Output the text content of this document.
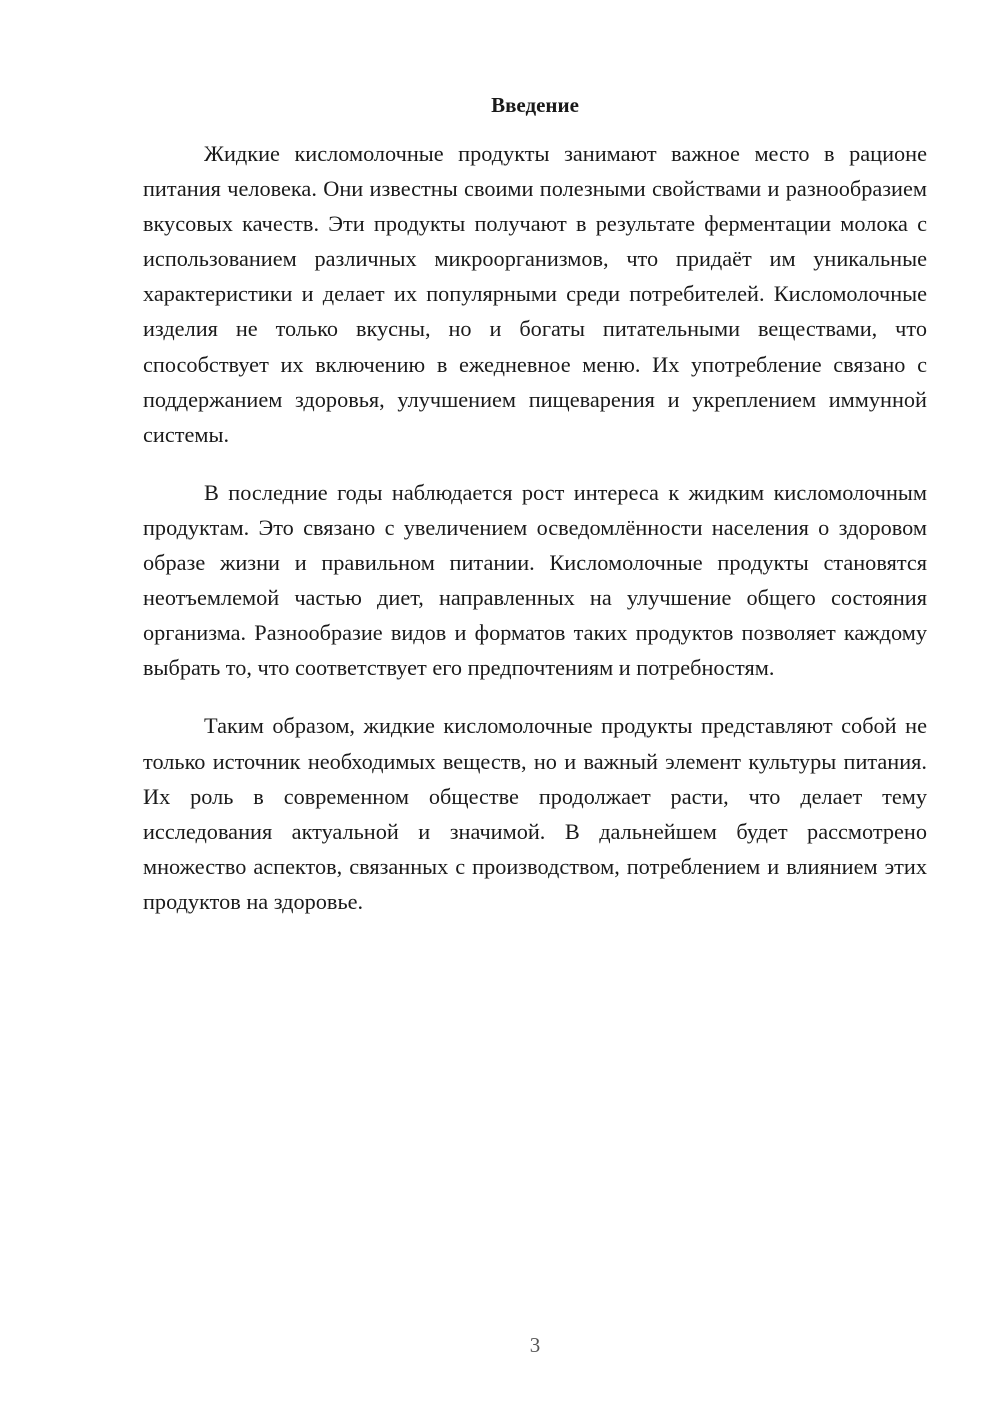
Введение

Жидкие кисломолочные продукты занимают важное место в рационе питания человека. Они известны своими полезными свойствами и разнообразием вкусовых качеств. Эти продукты получают в результате ферментации молока с использованием различных микроорганизмов, что придаёт им уникальные характеристики и делает их популярными среди потребителей. Кисломолочные изделия не только вкусны, но и богаты питательными веществами, что способствует их включению в ежедневное меню. Их употребление связано с поддержанием здоровья, улучшением пищеварения и укреплением иммунной системы.

В последние годы наблюдается рост интереса к жидким кисломолочным продуктам. Это связано с увеличением осведомлённости населения о здоровом образе жизни и правильном питании. Кисломолочные продукты становятся неотъемлемой частью диет, направленных на улучшение общего состояния организма. Разнообразие видов и форматов таких продуктов позволяет каждому выбрать то, что соответствует его предпочтениям и потребностям.

Таким образом, жидкие кисломолочные продукты представляют собой не только источник необходимых веществ, но и важный элемент культуры питания. Их роль в современном обществе продолжает расти, что делает тему исследования актуальной и значимой. В дальнейшем будет рассмотрено множество аспектов, связанных с производством, потреблением и влиянием этих продуктов на здоровье.

3
